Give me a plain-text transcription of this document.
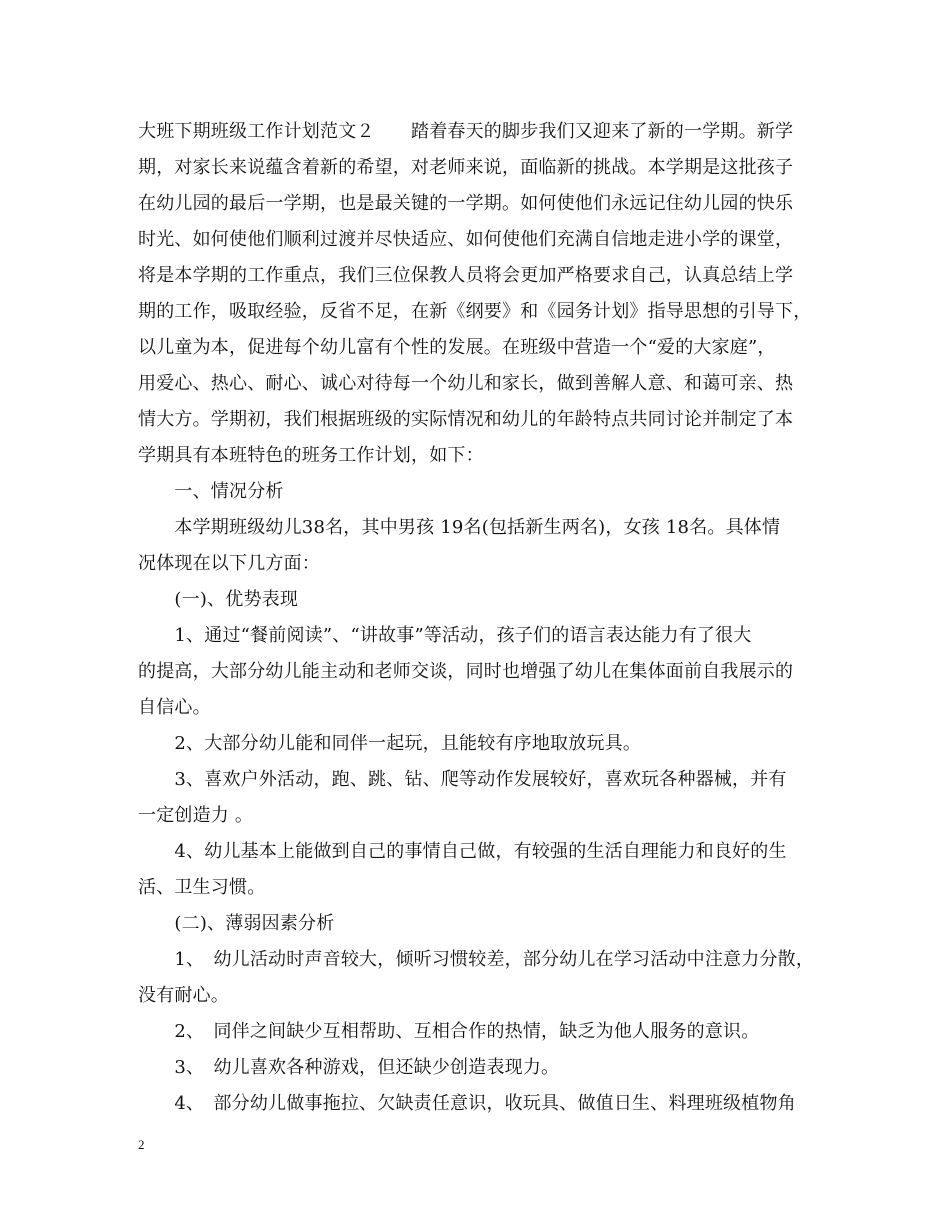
大班下期班级工作计划范文２　　踏着春天的脚步我们又迎来了新的一学期。新学
期，对家长来说蕴含着新的希望，对老师来说，面临新的挑战。本学期是这批孩子
在幼儿园的最后一学期，也是最关键的一学期。如何使他们永远记住幼儿园的快乐
时光、如何使他们顺利过渡并尽快适应、如何使他们充满自信地走进小学的课堂，
将是本学期的工作重点，我们三位保教人员将会更加严格要求自己，认真总结上学
期的工作，吸取经验，反省不足，在新《纲要》和《园务计划》指导思想的引导下，
以儿童为本，促进每个幼儿富有个性的发展。在班级中营造一个“爱的大家庭”，
用爱心、热心、耐心、诚心对待每一个幼儿和家长，做到善解人意、和蔼可亲、热
情大方。学期初，我们根据班级的实际情况和幼儿的年龄特点共同讨论并制定了本
学期具有本班特色的班务工作计划，如下：
　　一、情况分析
　　本学期班级幼儿38名，其中男孩 19名(包括新生两名)，女孩 18名。具体情
况体现在以下几方面：
　　(一)、优势表现
　　1、通过“餐前阅读”、“讲故事”等活动，孩子们的语言表达能力有了很大
的提高，大部分幼儿能主动和老师交谈，同时也增强了幼儿在集体面前自我展示的
自信心。
　　2、大部分幼儿能和同伴一起玩，且能较有序地取放玩具。
　　3、喜欢户外活动，跑、跳、钻、爬等动作发展较好，喜欢玩各种器械，并有
一定创造力 。
　　4、幼儿基本上能做到自己的事情自己做，有较强的生活自理能力和良好的生
活、卫生习惯。
　　(二)、薄弱因素分析
　　1、　幼儿活动时声音较大，倾听习惯较差，部分幼儿在学习活动中注意力分散，
没有耐心。
　　2、　同伴之间缺少互相帮助、互相合作的热情，缺乏为他人服务的意识。
　　3、　幼儿喜欢各种游戏，但还缺少创造表现力。
　　4、　部分幼儿做事拖拉、欠缺责任意识，收玩具、做值日生、料理班级植物角
2
